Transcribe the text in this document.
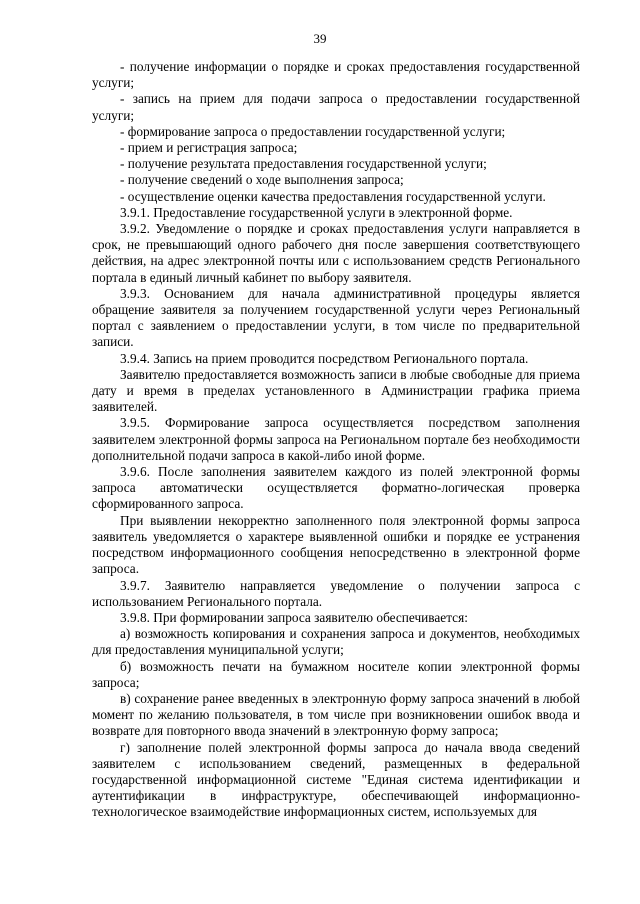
39

- получение информации о порядке и сроках предоставления государственной услуги;

- запись на прием для подачи запроса о предоставлении государственной услуги;

- формирование запроса о предоставлении государственной услуги;

- прием и регистрация запроса;

- получение результата предоставления государственной услуги;

- получение сведений о ходе выполнения запроса;

- осуществление оценки качества предоставления государственной услуги.

3.9.1. Предоставление государственной услуги в электронной форме.

3.9.2. Уведомление о порядке и сроках предоставления услуги направляется в срок, не превышающий одного рабочего дня после завершения соответствующего действия, на адрес электронной почты или с использованием средств Регионального портала в единый личный кабинет по выбору заявителя.

3.9.3. Основанием для начала административной процедуры является обращение заявителя за получением государственной услуги через Региональный портал с заявлением о предоставлении услуги, в том числе по предварительной записи.

3.9.4. Запись на прием проводится посредством Регионального портала.

Заявителю предоставляется возможность записи в любые свободные для приема дату и время в пределах установленного в Администрации графика приема заявителей.

3.9.5. Формирование запроса осуществляется посредством заполнения заявителем электронной формы запроса на Региональном портале без необходимости дополнительной подачи запроса в какой-либо иной форме.

3.9.6. После заполнения заявителем каждого из полей электронной формы запроса автоматически осуществляется форматно-логическая проверка сформированного запроса.

При выявлении некорректно заполненного поля электронной формы запроса заявитель уведомляется о характере выявленной ошибки и порядке ее устранения посредством информационного сообщения непосредственно в электронной форме запроса.

3.9.7. Заявителю направляется уведомление о получении запроса с использованием Регионального портала.

3.9.8. При формировании запроса заявителю обеспечивается:

а) возможность копирования и сохранения запроса и документов, необходимых для предоставления муниципальной услуги;

б) возможность печати на бумажном носителе копии электронной формы запроса;

в) сохранение ранее введенных в электронную форму запроса значений в любой момент по желанию пользователя, в том числе при возникновении ошибок ввода и возврате для повторного ввода значений в электронную форму запроса;

г) заполнение полей электронной формы запроса до начала ввода сведений заявителем с использованием сведений, размещенных в федеральной государственной информационной системе "Единая система идентификации и аутентификации в инфраструктуре, обеспечивающей информационно-технологическое взаимодействие информационных систем, используемых для
